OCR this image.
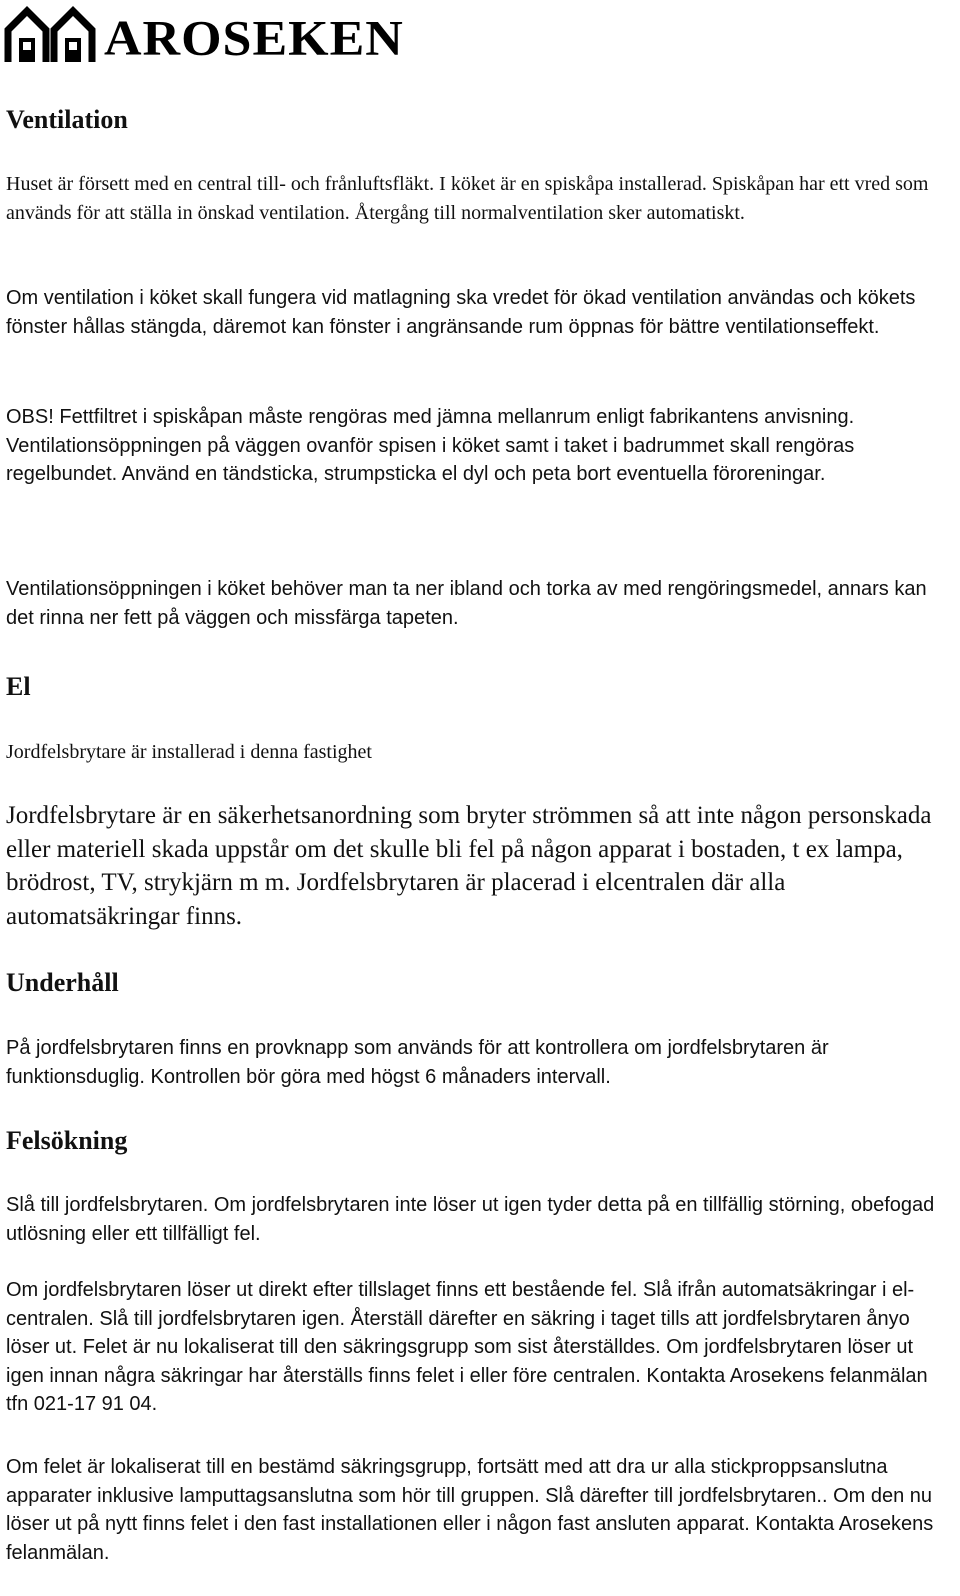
AROSEKEN
Ventilation

Huset är försett med en central till- och frånluftsfläkt. I köket är en spiskåpa installerad. Spiskåpan har ett vred som används för att ställa in önskad ventilation. Återgång till normalventilation sker automatiskt.

Om ventilation i köket skall fungera vid matlagning ska vredet för ökad ventilation användas och kökets fönster hållas stängda, däremot kan fönster i angränsande rum öppnas för bättre ventilationseffekt.

OBS! Fettfiltret i spiskåpan måste rengöras med jämna mellanrum enligt fabrikantens anvisning. Ventilationsöppningen på väggen ovanför spisen i köket samt i taket i badrummet skall rengöras regelbundet. Använd en tändsticka, strumpsticka el dyl och peta bort eventuella föroreningar.

Ventilationsöppningen i köket behöver man ta ner ibland och torka av med rengöringsmedel, annars kan det rinna ner fett på väggen och missfärga tapeten.

El

Jordfelsbrytare är installerad i denna fastighet

Jordfelsbrytare är en säkerhetsanordning som bryter strömmen så att inte någon personskada eller materiell skada uppstår om det skulle bli fel på någon apparat i bostaden, t ex lampa, brödrost, TV, strykjärn m m. Jordfelsbrytaren är placerad i elcentralen där alla automatsäkringar finns.

Underhåll

På jordfelsbrytaren finns en provknapp som används för att kontrollera om jordfelsbrytaren är funktionsduglig. Kontrollen bör göra med högst 6 månaders intervall.

Felsökning

Slå till jordfelsbrytaren. Om jordfelsbrytaren inte löser ut igen tyder detta på en tillfällig störning, obefogad utlösning eller ett tillfälligt fel.

Om jordfelsbrytaren löser ut direkt efter tillslaget finns ett bestående fel. Slå ifrån automatsäkringar i el-centralen. Slå till jordfelsbrytaren igen. Återställ därefter en säkring i taget tills att jordfelsbrytaren ånyo löser ut. Felet är nu lokaliserat till den säkringsgrupp som sist återställdes. Om jordfelsbrytaren löser ut igen innan några säkringar har återställs finns felet i eller före centralen. Kontakta Arosekens felanmälan tfn 021-17 91 04.

Om felet är lokaliserat till en bestämd säkringsgrupp, fortsätt med att dra ur alla stickproppsanslutna apparater inklusive lamputtagsanslutna som hör till gruppen. Slå därefter till jordfelsbrytaren.. Om den nu löser ut på nytt finns felet i den fast installationen eller i någon fast ansluten apparat. Kontakta Arosekens felanmälan.
